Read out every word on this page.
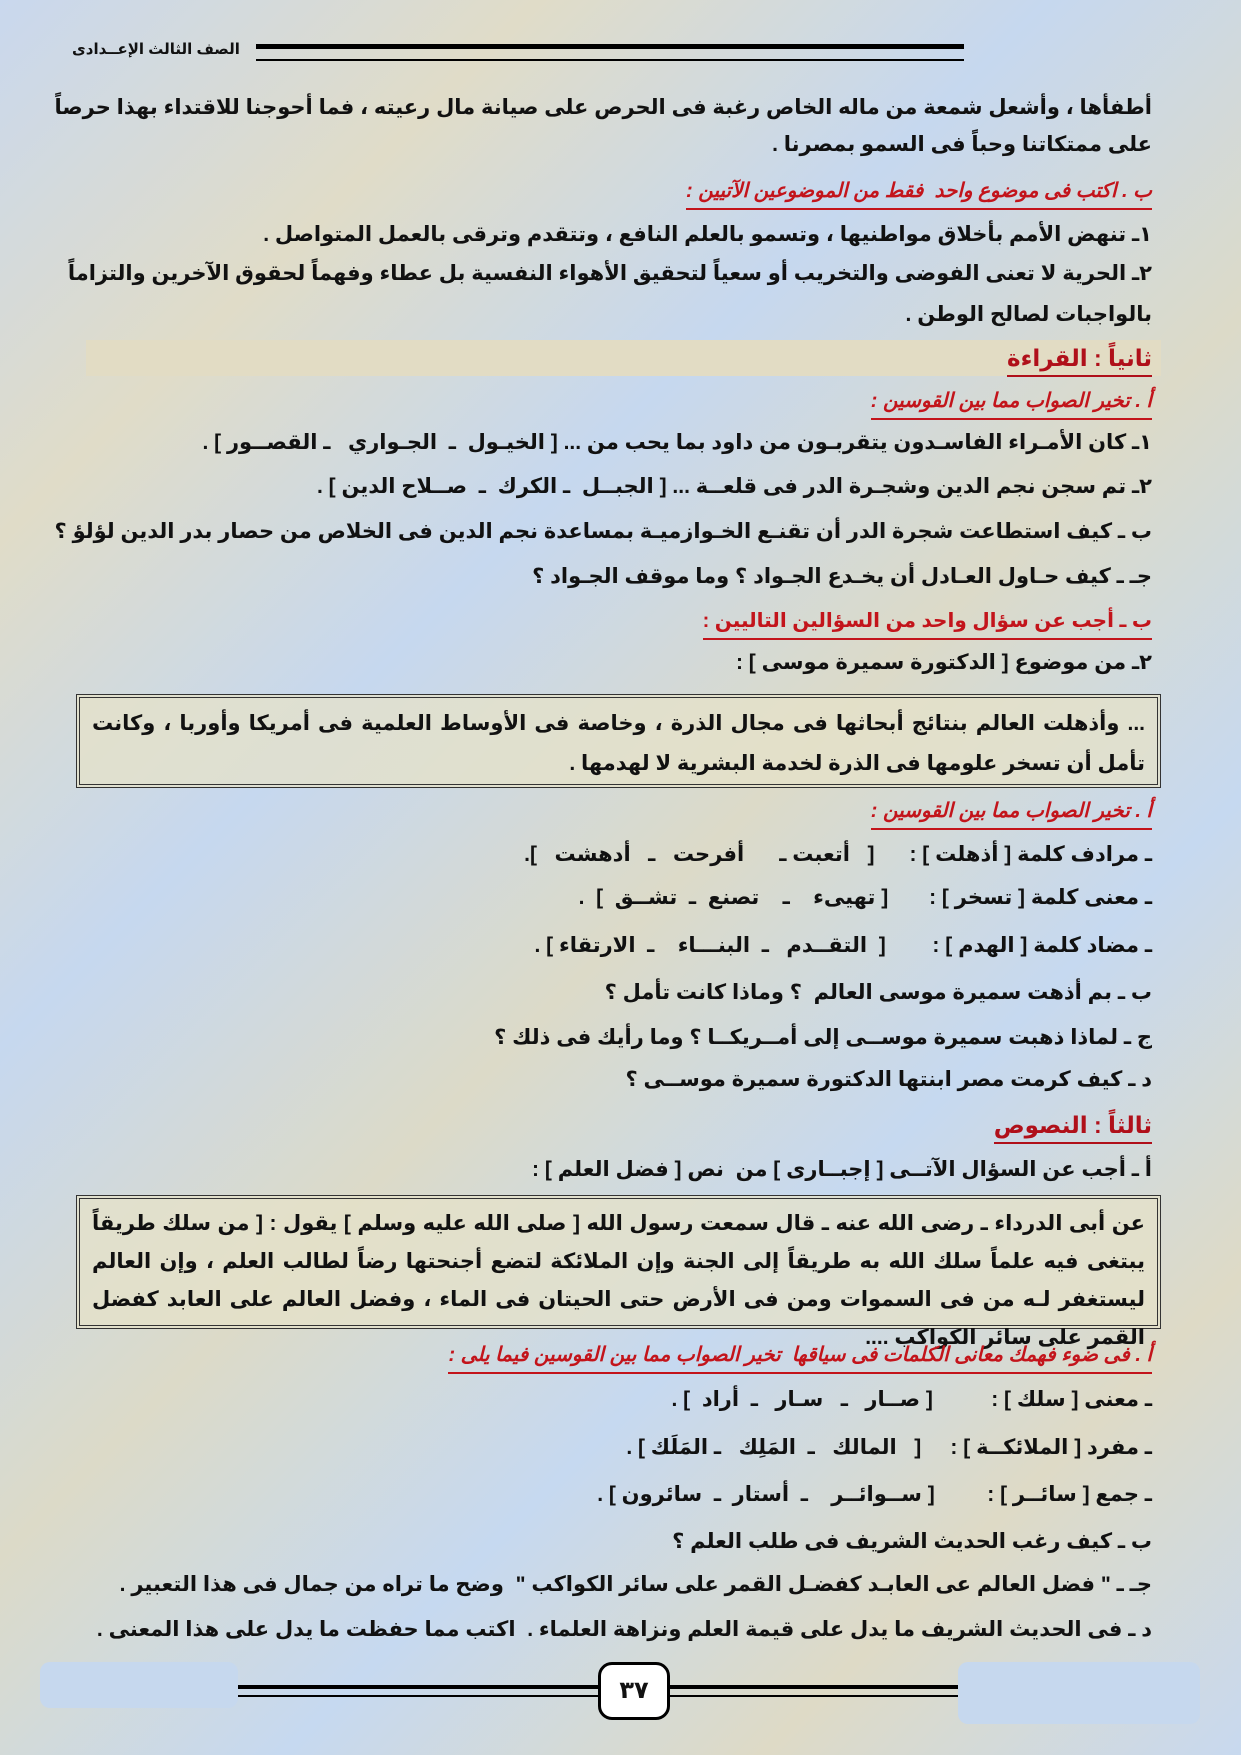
الصف الثالث الإعــدادى
أطفأها ، وأشعل شمعة من ماله الخاص رغبة فى الحرص على صيانة مال رعيته ، فما أحوجنا للاقتداء بهذا حرصاً
على ممتكاتنا وحباً فى السمو بمصرنا .
ب . اكتب فى موضوع واحد  فقط من الموضوعين الآتيين :
١ـ تنهض الأمم بأخلاق مواطنيها ، وتسمو بالعلم النافع ، وتتقدم وترقى بالعمل المتواصل .
٢ـ الحرية لا تعنى الفوضى والتخريب أو سعياً لتحقيق الأهواء النفسية بل عطاء وفهماً لحقوق الآخرين والتزاماً
بالواجبات لصالح الوطن .
ثانياً : القراءة
أ . تخير الصواب مما بين القوسين :
١ـ كان الأمـراء الفاسـدون يتقربـون من داود بما يحب من ... [ الخيـول  ـ  الجـواري   ـ القصــور ] .
٢ـ تم سجن نجم الدين وشجـرة الدر فى قلعــة ... [ الجبــل  ـ الكرك  ـ  صــلاح الدين ] .
ب ـ كيف استطاعت شجرة الدر أن تقنـع الخـوازميـة بمساعدة نجم الدين فى الخلاص من حصار بدر الدين لؤلؤ ؟
جـ ـ كيف حـاول العـادل أن يخـدع الجـواد ؟ وما موقف الجـواد ؟
ب ـ أجب عن سؤال واحد من السؤالين التاليين :
٢ـ من موضوع [ الدكتورة سميرة موسى ] :
... وأذهلت العالم بنتائج أبحاثها فى مجال الذرة ، وخاصة فى الأوساط العلمية فى أمريكا وأوربا ، وكانت تأمل أن تسخر علومها فى الذرة لخدمة البشرية لا لهدمها .
أ . تخير الصواب مما بين القوسين :
ـ مرادف كلمة [ أذهلت ] :      [   أتعبت ـ      أفرحت   ـ   أدهشت   ].
ـ معنى كلمة [ تسخر ] :       [ تهيىء    ـ    تصنع  ـ  تشــق  ]  .
ـ مضاد كلمة [ الهدم ] :        [  التقــدم   ـ  البنـــاء    ـ  الارتقاء ] .
ب ـ بم أذهت سميرة موسى العالم  ؟ وماذا كانت تأمل ؟
ج ـ لماذا ذهبت سميرة موســى إلى أمــريكــا ؟ وما رأيك فى ذلك ؟
د ـ كيف كرمت مصر ابنتها الدكتورة سميرة موســى ؟
ثالثاً : النصوص
أ ـ أجب عن السؤال الآتــى [ إجبــارى ] من  نص [ فضل العلم ] :
عن أبى الدرداء ـ رضى الله عنه ـ قال سمعت رسول الله [ صلى الله عليه وسلم ] يقول : [ من سلك طريقاً يبتغى فيه علماً سلك الله به طريقاً إلى الجنة وإن الملائكة لتضع أجنحتها رضاً لطالب العلم ، وإن العالم ليستغفر لـه من فى السموات ومن فى الأرض حتى الحيتان فى الماء ، وفضل العالم على العابد كفضل القمر على سائر الكواكب ....
أ . فى ضوء فهمك معانى الكلمات فى سياقها  تخير الصواب مما بين القوسين فيما يلى :
ـ معنى [ سلك ] :          [ صــار   ـ   سـار   ـ  أراد  ] .
ـ مفرد [ الملائكــة ] :     [   المالك   ـ  المَلِك   ـ المَلَك ] .
ـ جمع [ سائــر ] :         [ ســوائــر    ـ  أستار  ـ  سائرون ] .
ب ـ كيف رغب الحديث الشريف فى طلب العلم ؟
جـ ـ " فضل العالم عى العابـد كفضـل القمر على سائر الكواكب "  وضح ما تراه من جمال فى هذا التعبير .
د ـ فى الحديث الشريف ما يدل على قيمة العلم ونزاهة العلماء .  اكتب مما حفظت ما يدل على هذا المعنى .
٣٧
